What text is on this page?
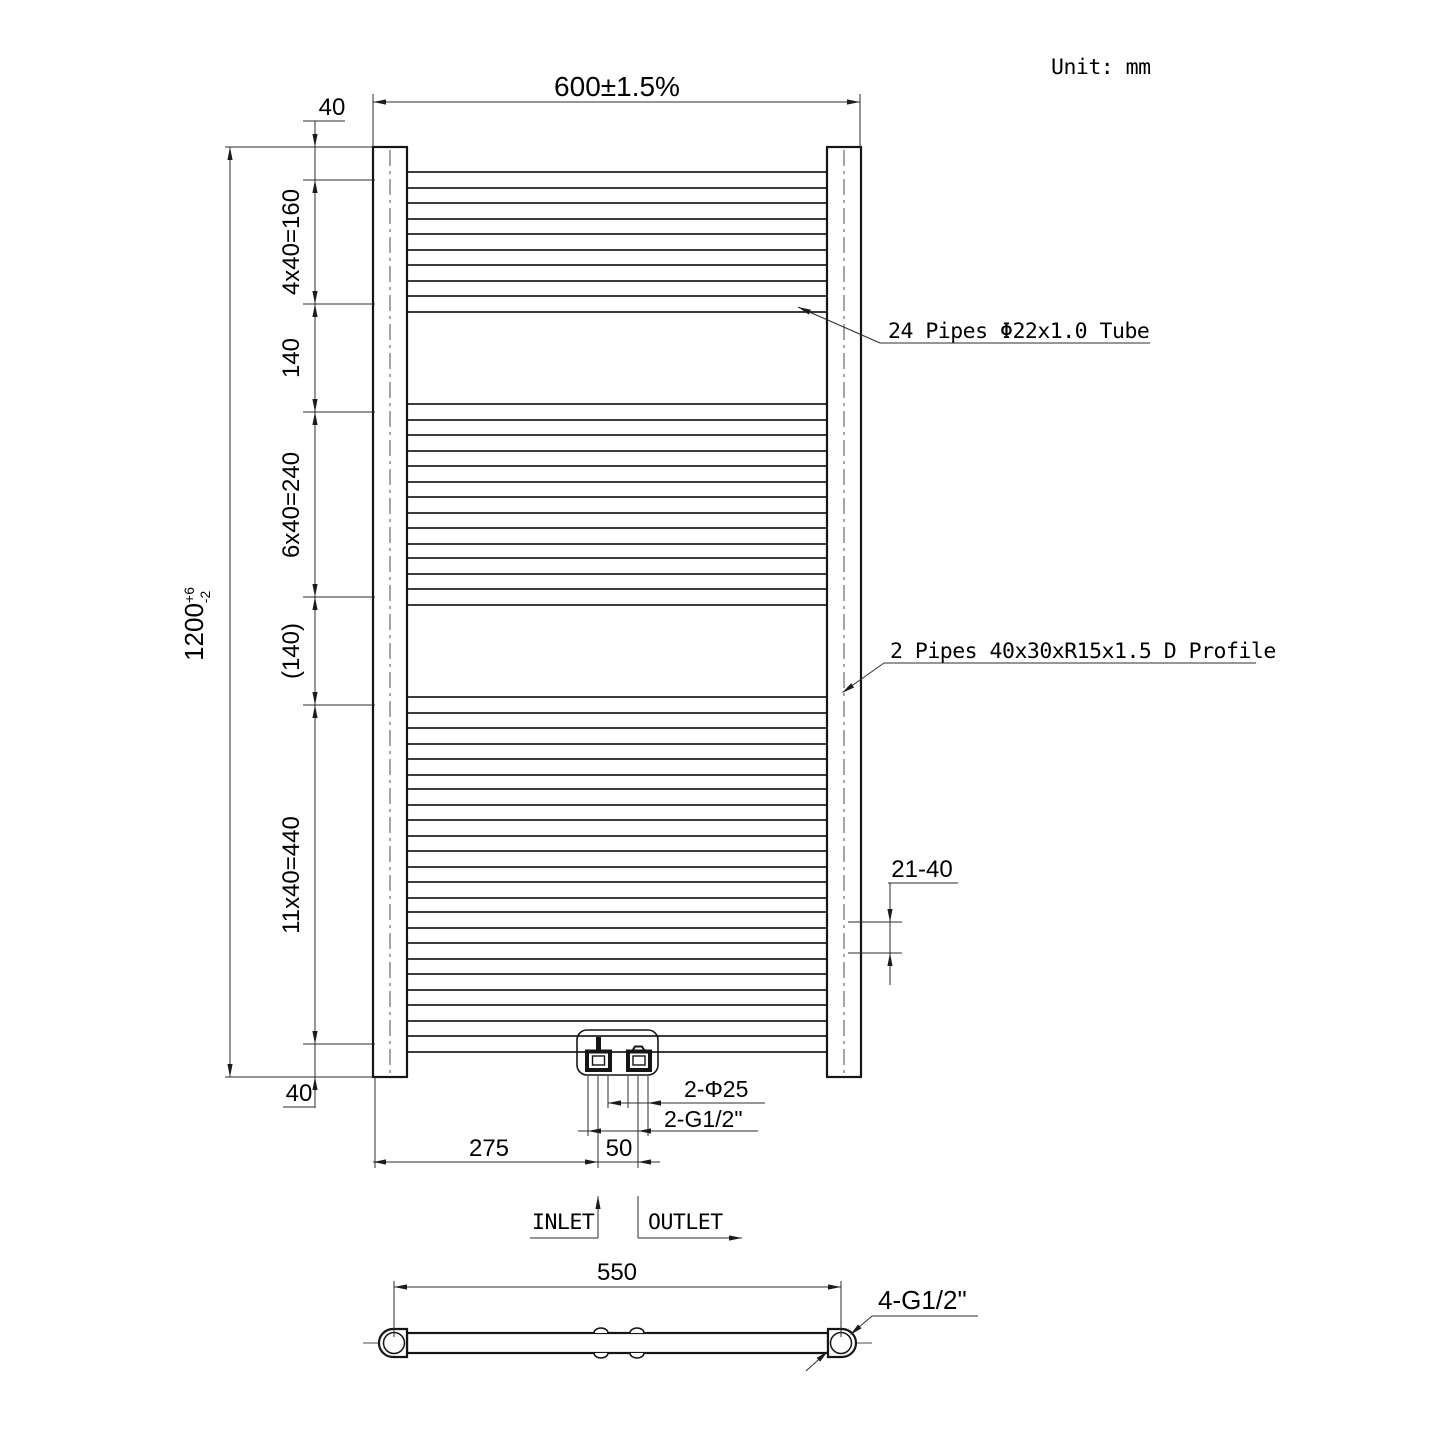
600±1.5%
40
4x40=160
140
6x40=240
(140)
11x40=440
40
1200
+6 -2
21-40
24 Pipes Φ22x1.0 Tube
2 Pipes 40x30xR15x1.5 D Profile
2-Φ25
2-G1/2"
275	50
INLET	OUTLET
550
4-G1/2"
Unit: mm
